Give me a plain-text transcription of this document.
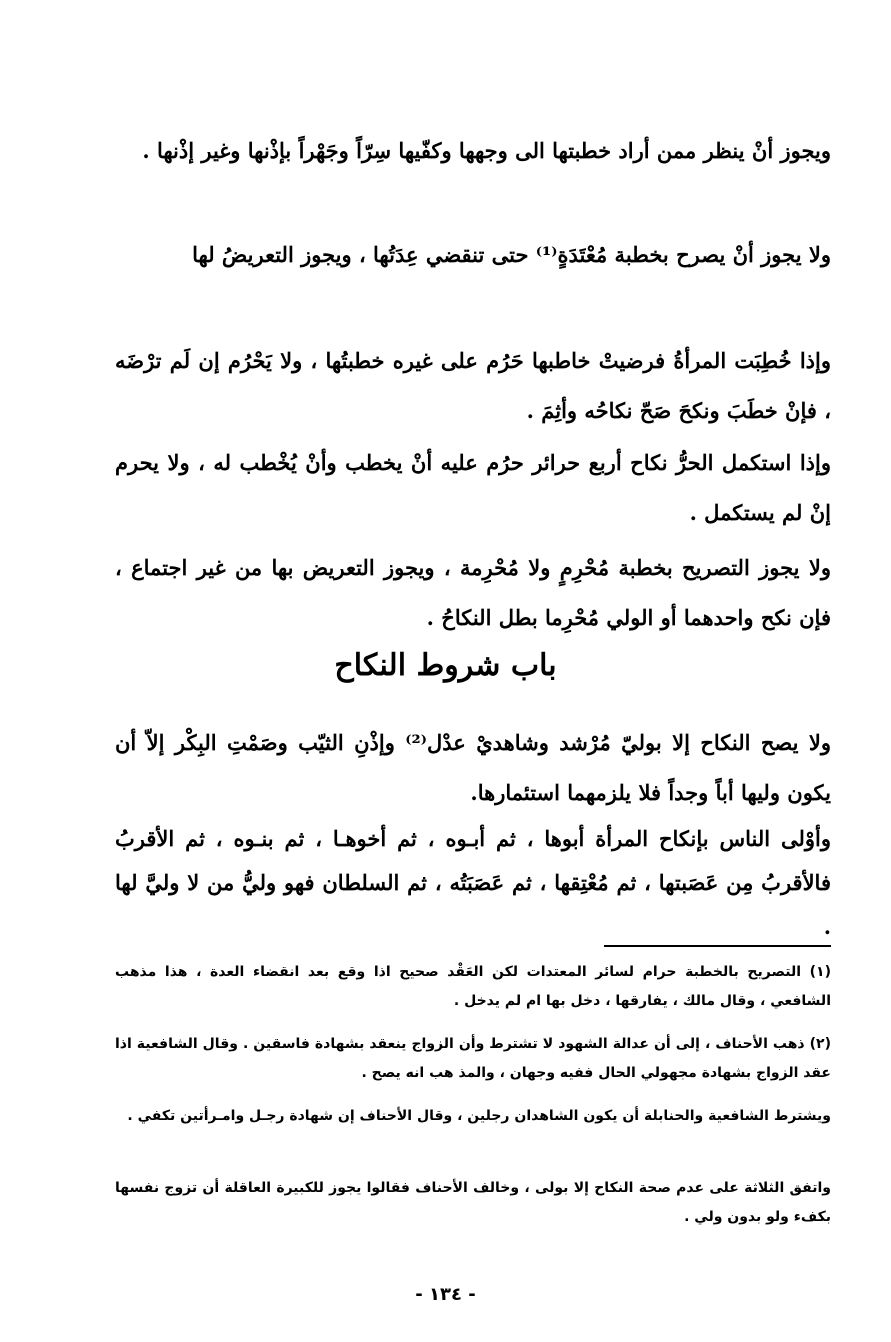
ويجوز أنْ ينظر ممن أراد خطبتها الى وجهها وكفّيها سِرّاً وجَهْراً بإذْنها وغير إذْنها .

ولا يجوز أنْ يصرح بخطبة مُعْتَدَةٍ⁽¹⁾ حتى تنقضي عِدَتُها ، ويجوز التعريضُ لها

وإذا خُطِبَت المرأةُ فرضيتْ خاطبها حَرُم على غيره خطبتُها ، ولا يَحْرُم إن لَم ترْضَه ، فإنْ خطَبَ ونكحَ صَحّ نكاحُه وأثِمَ .

وإذا استكمل الحرُّ نكاح أربع حرائر حرُم عليه أنْ يخطب وأنْ يُخْطب له ، ولا يحرم إنْ لم يستكمل .

ولا يجوز التصريح بخطبة مُحْرِمٍ ولا مُحْرِمة ، ويجوز التعريض بها من غير اجتماع ، فإن نكح واحدهما أو الولي مُحْرِما بطل النكاحُ .

باب شروط النكاح

ولا يصح النكاح إلا بوليّ مُرْشد وشاهديْ عدْل⁽²⁾ وإذْنِ الثيّب وصَمْتِ البِكْر إلاّ أن يكون وليها أباً وجداً فلا يلزمهما استئمارها.

وأوْلى الناس بإنكاح المرأة أبوها ، ثم أبـوه ، ثم أخوهـا ، ثم بنـوه ، ثم الأقربُ فالأقربُ مِن عَصَبتها ، ثم مُعْتِقها ، ثم عَصَبَتُه ، ثم السلطان فهو وليُّ من لا وليَّ لها .

(١) التصريح بالخطبة حرام لسائر المعتدات لكن العَقْد صحيح اذا وقع بعد انقضاء العدة ، هذا مذهب الشافعي ، وقال مالك ، يفارقها ، دخل بها ام لم يدخل .

(٢) ذهب الأحناف ، إلى أن عدالة الشهود لا تشترط وأن الزواج ينعقد بشهادة فاسقين . وقال الشافعية اذا عقد الزواج بشهادة مجهولي الحال ففيه وجهان ، والمذ هب انه يصح .

ويشترط الشافعية والحنابلة أن يكون الشاهدان رجلين ، وقال الأحناف إن شهادة رجـل وامـرأتين تكفي .

واتفق الثلاثة على عدم صحة النكاح إلا بولى ، وخالف الأحناف فقالوا يجوز للكبيرة العاقلة أن تزوج نفسها بكفء ولو بدون ولي .

- ١٣٤ -
